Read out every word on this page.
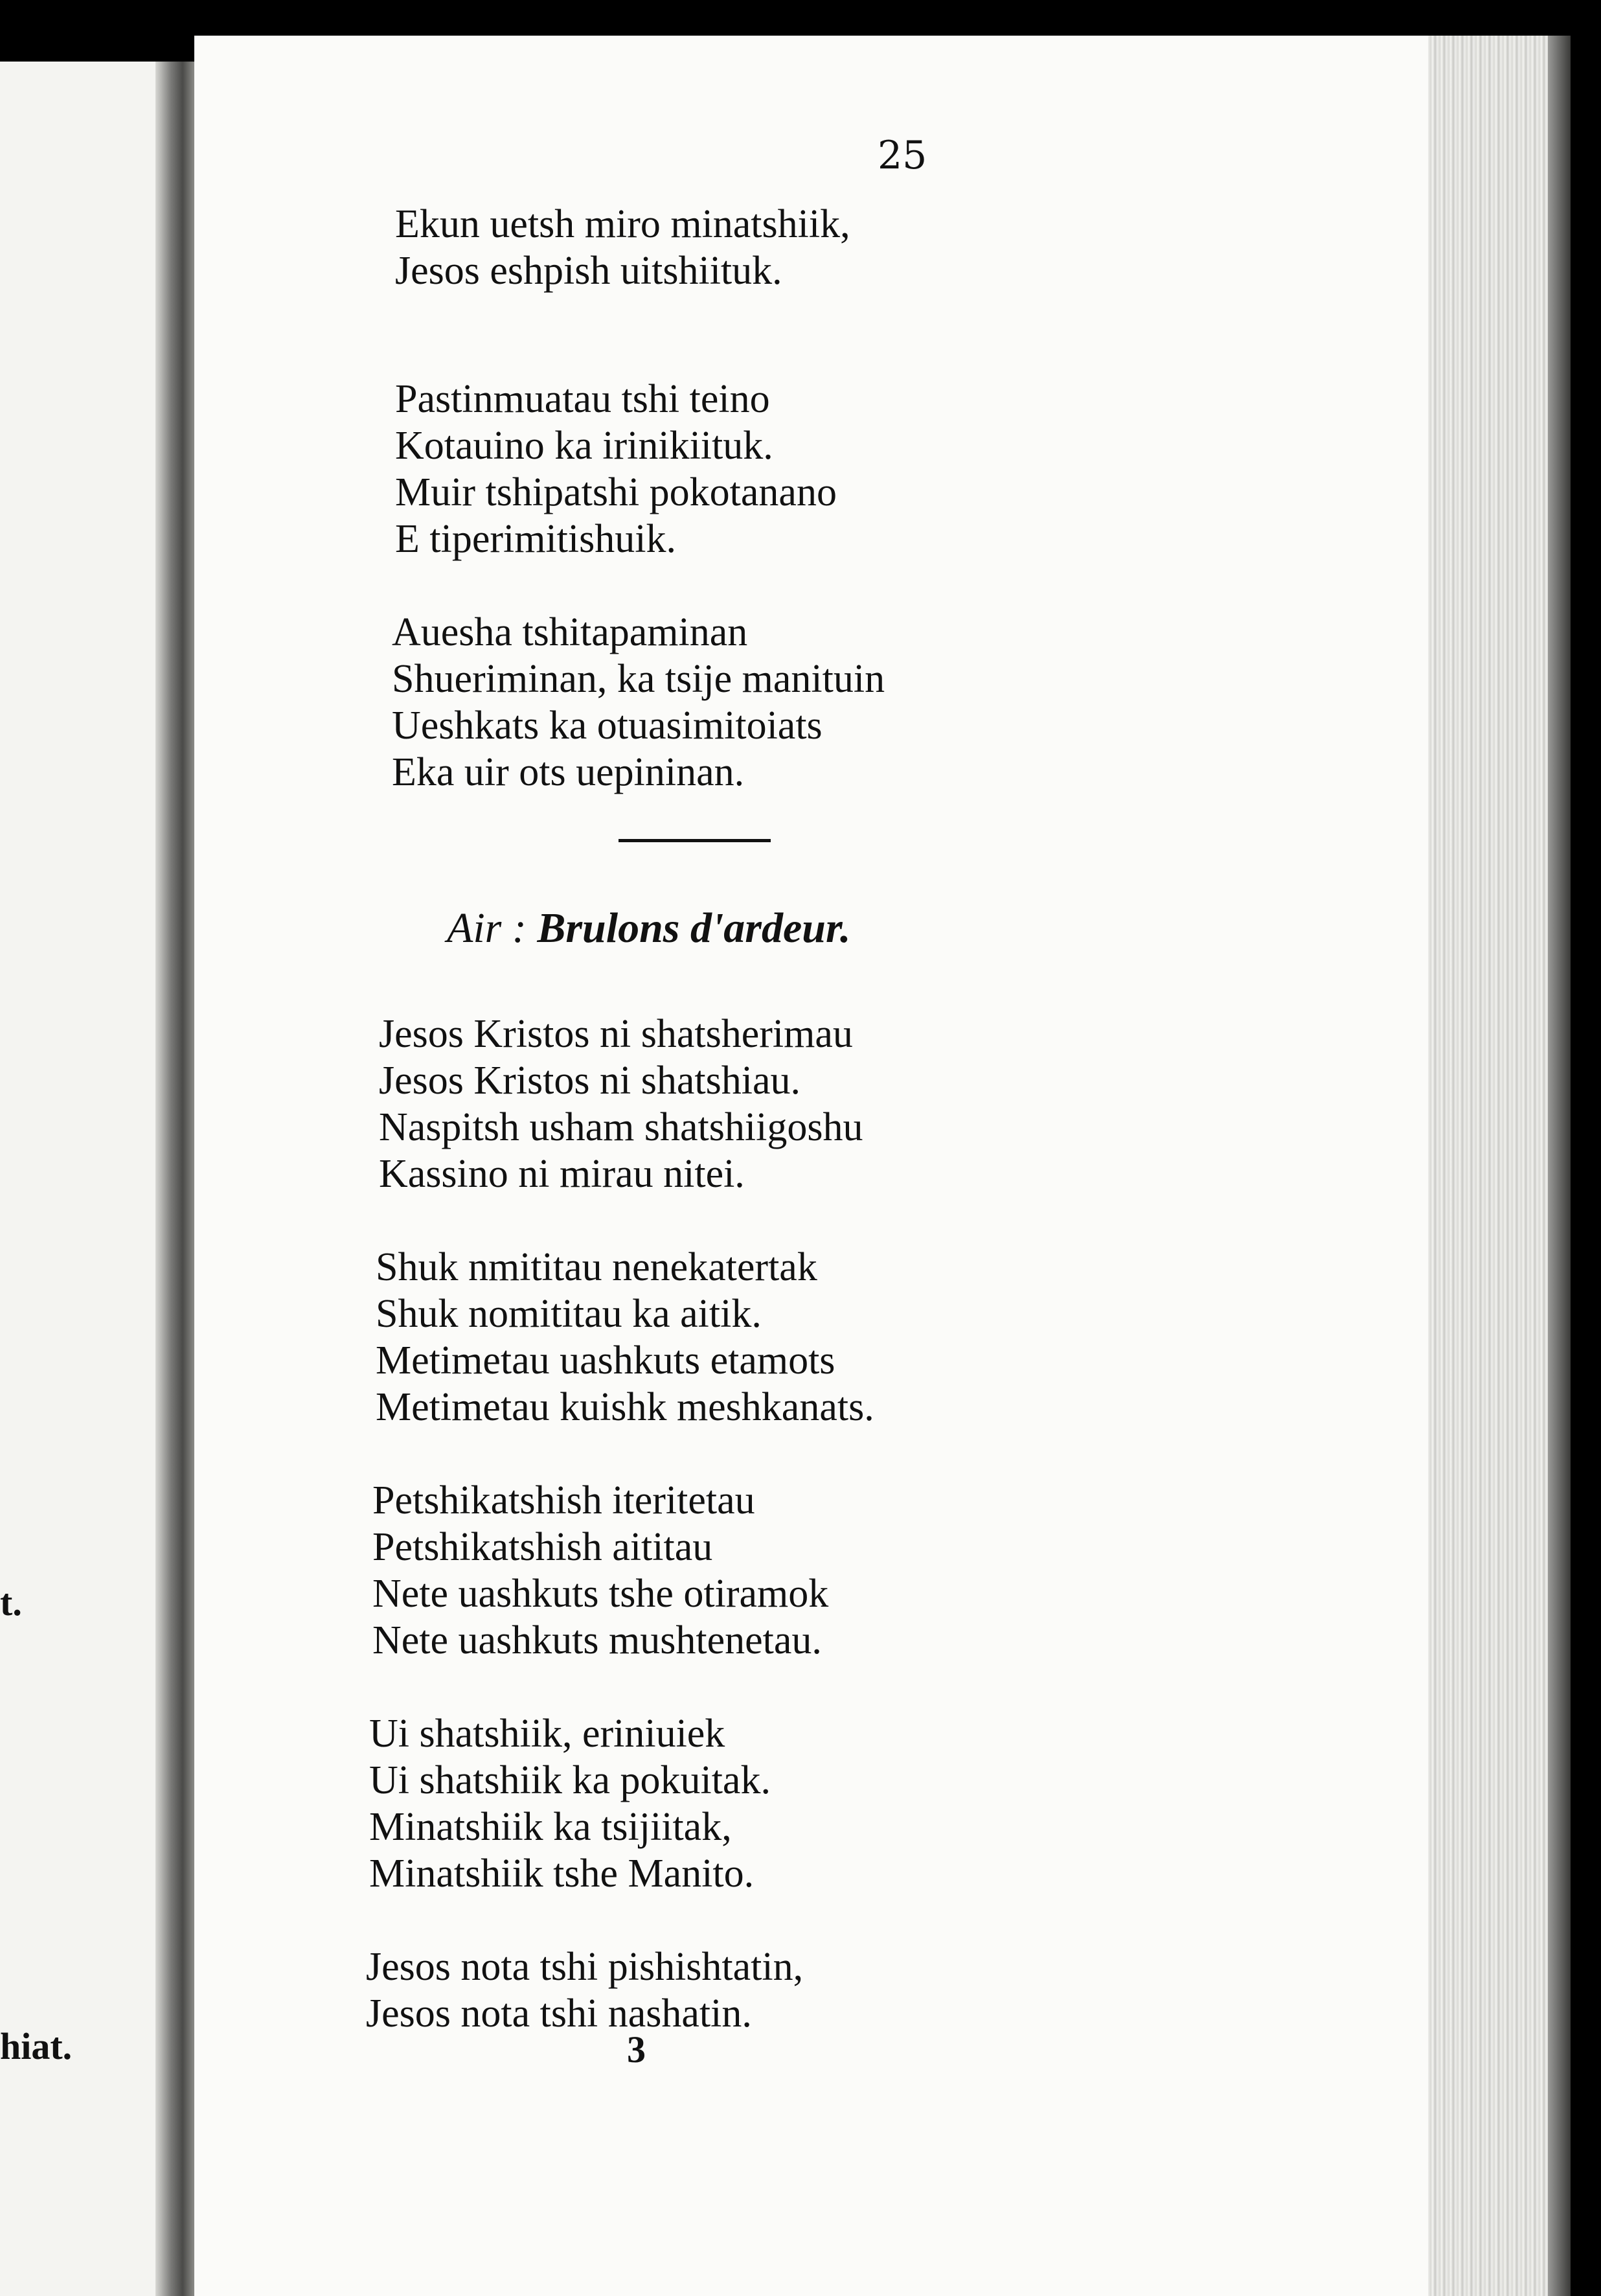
t.
hiat.
25
Ekun uetsh miro minatshiik,
Jesos eshpish uitshiituk.
Pastinmuatau tshi teino
Kotauino ka irinikiituk.
Muir tshipatshi pokotanano
E tiperimitishuik.
Auesha tshitapaminan
Shueriminan, ka tsije manituin
Ueshkats ka otuasimitoiats
Eka uir ots uepininan.
Air : Brulons d'ardeur.
Jesos Kristos ni shatsherimau
Jesos Kristos ni shatshiau.
Naspitsh usham shatshiigoshu
Kassino ni mirau nitei.
Shuk nmititau nenekatertak
Shuk nomititau ka aitik.
Metimetau uashkuts etamots
Metimetau kuishk meshkanats.
Petshikatshish iteritetau
Petshikatshish aititau
Nete uashkuts tshe otiramok
Nete uashkuts mushtenetau.
Ui shatshiik, eriniuiek
Ui shatshiik ka pokuitak.
Minatshiik ka tsijiitak,
Minatshiik tshe Manito.
Jesos nota tshi pishishtatin,
Jesos nota tshi nashatin.
3
